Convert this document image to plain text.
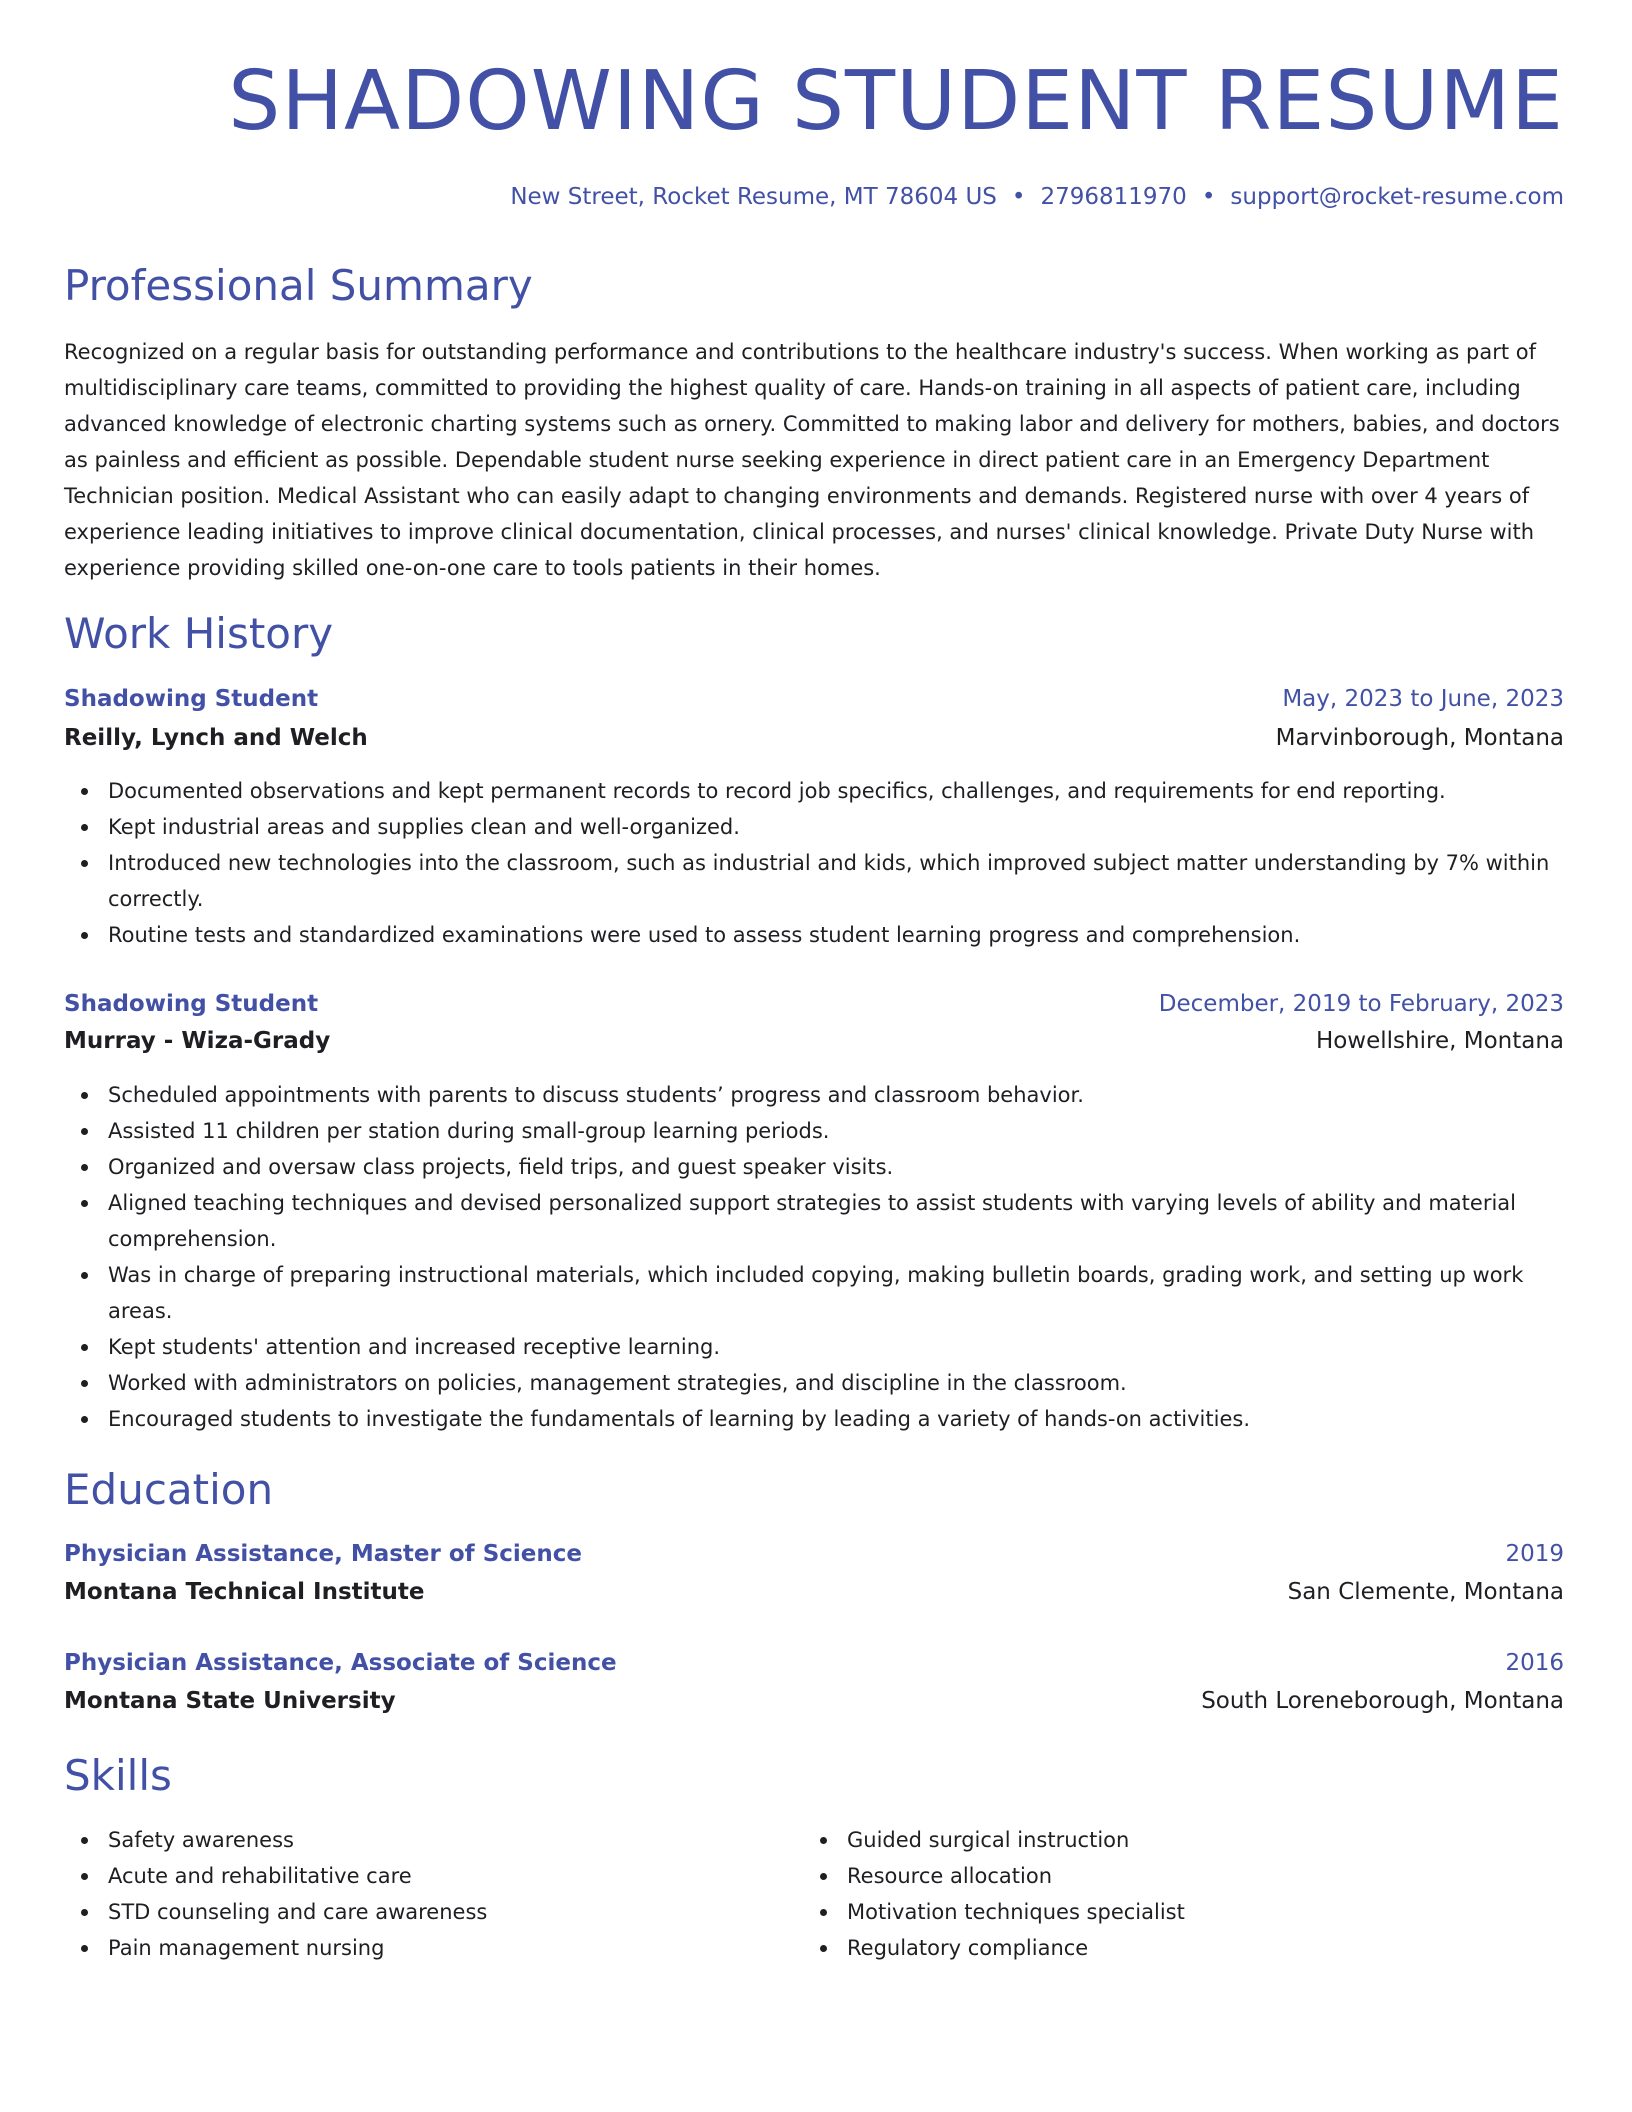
SHADOWING STUDENT RESUME
New Street, Rocket Resume, MT 78604 US • 2796811970 • support@rocket-resume.com
Professional Summary

Recognized on a regular basis for outstanding performance and contributions to the healthcare industry's success. When working as part of multidisciplinary care teams, committed to providing the highest quality of care. Hands-on training in all aspects of patient care, including advanced knowledge of electronic charting systems such as ornery. Committed to making labor and delivery for mothers, babies, and doctors as painless and efficient as possible. Dependable student nurse seeking experience in direct patient care in an Emergency Department Technician position. Medical Assistant who can easily adapt to changing environments and demands. Registered nurse with over 4 years of experience leading initiatives to improve clinical documentation, clinical processes, and nurses' clinical knowledge. Private Duty Nurse with experience providing skilled one-on-one care to tools patients in their homes.

Work History
Shadowing Student	May, 2023 to June, 2023
Reilly, Lynch and Welch	Marvinborough, Montana
Documented observations and kept permanent records to record job specifics, challenges, and requirements for end reporting.
Kept industrial areas and supplies clean and well-organized.
Introduced new technologies into the classroom, such as industrial and kids, which improved subject matter understanding by 7% within correctly.
Routine tests and standardized examinations were used to assess student learning progress and comprehension.
Shadowing Student	December, 2019 to February, 2023
Murray - Wiza-Grady	Howellshire, Montana
Scheduled appointments with parents to discuss students’ progress and classroom behavior.
Assisted 11 children per station during small-group learning periods.
Organized and oversaw class projects, field trips, and guest speaker visits.
Aligned teaching techniques and devised personalized support strategies to assist students with varying levels of ability and material comprehension.
Was in charge of preparing instructional materials, which included copying, making bulletin boards, grading work, and setting up work areas.
Kept students' attention and increased receptive learning.
Worked with administrators on policies, management strategies, and discipline in the classroom.
Encouraged students to investigate the fundamentals of learning by leading a variety of hands-on activities.
Education
Physician Assistance, Master of Science	2019
Montana Technical Institute	San Clemente, Montana
Physician Assistance, Associate of Science	2016
Montana State University	South Loreneborough, Montana
Skills
Safety awareness
Acute and rehabilitative care
STD counseling and care awareness
Pain management nursing
Guided surgical instruction
Resource allocation
Motivation techniques specialist
Regulatory compliance
